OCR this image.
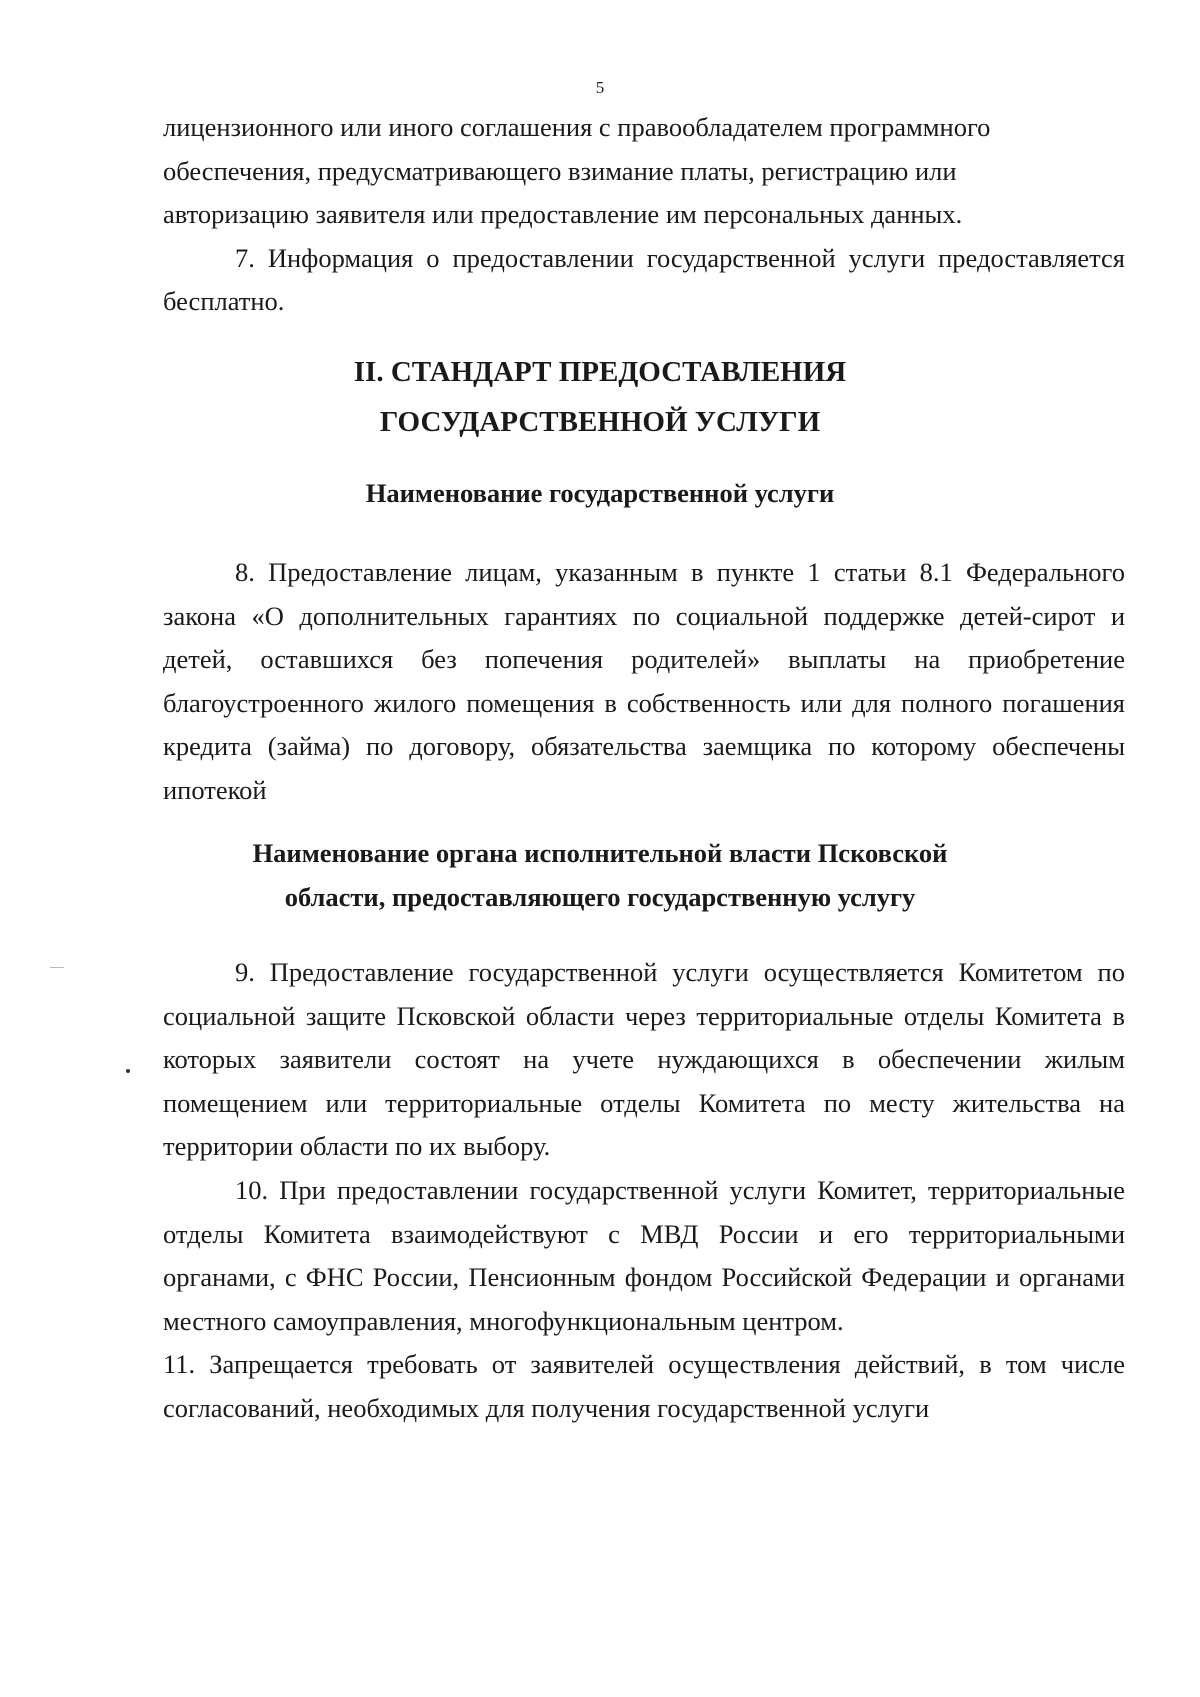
5

лицензионного или иного соглашения с правообладателем программного

обеспечения, предусматривающего взимание платы, регистрацию или

авторизацию заявителя или предоставление им персональных данных.

7. Информация о предоставлении государственной услуги предоставляется бесплатно.

II. СТАНДАРТ ПРЕДОСТАВЛЕНИЯ
ГОСУДАРСТВЕННОЙ УСЛУГИ
Наименование государственной услуги

8. Предоставление лицам, указанным в пункте 1 статьи 8.1 Федерального закона «О дополнительных гарантиях по социальной поддержке детей-сирот и детей, оставшихся без попечения родителей» выплаты на приобретение благоустроенного жилого помещения в собственность или для полного погашения кредита (займа) по договору, обязательства заемщика по которому обеспечены ипотекой

Наименование органа исполнительной власти Псковской
области, предоставляющего государственную услугу

9. Предоставление государственной услуги осуществляется Комитетом по социальной защите Псковской области через территориальные отделы Комитета в которых заявители состоят на учете нуждающихся в обеспечении жилым помещением или территориальные отделы Комитета по месту жительства на территории области по их выбору.

10. При предоставлении государственной услуги Комитет, территориальные отделы Комитета взаимодействуют с МВД России и его территориальными органами, с ФНС России, Пенсионным фондом Российской Федерации и органами местного самоуправления, многофункциональным центром.

11. Запрещается требовать от заявителей осуществления действий, в том числе согласований, необходимых для получения государственной услуги
